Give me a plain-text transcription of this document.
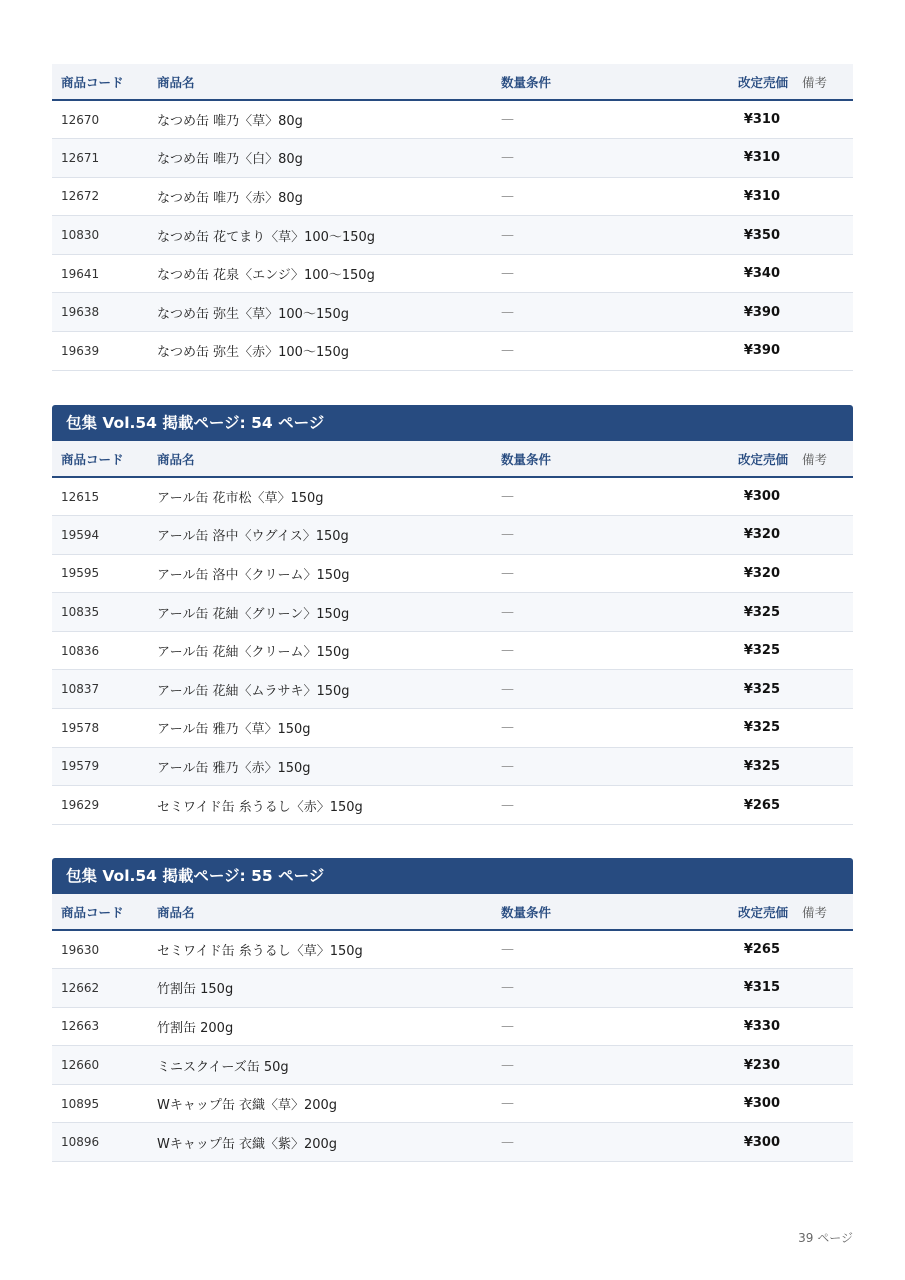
商品コード	商品名	数量条件	改定売価	備考
12670	なつめ缶 唯乃〈草〉80g	—	¥310	
12671	なつめ缶 唯乃〈白〉80g	—	¥310	
12672	なつめ缶 唯乃〈赤〉80g	—	¥310	
10830	なつめ缶 花てまり〈草〉100〜150g	—	¥350	
19641	なつめ缶 花泉〈エンジ〉100〜150g	—	¥340	
19638	なつめ缶 弥生〈草〉100〜150g	—	¥390	
19639	なつめ缶 弥生〈赤〉100〜150g	—	¥390	
包集 Vol.54 掲載ページ: 54 ページ
商品コード	商品名	数量条件	改定売価	備考
12615	アール缶 花市松〈草〉150g	—	¥300	
19594	アール缶 洛中〈ウグイス〉150g	—	¥320	
19595	アール缶 洛中〈クリーム〉150g	—	¥320	
10835	アール缶 花紬〈グリーン〉150g	—	¥325	
10836	アール缶 花紬〈クリーム〉150g	—	¥325	
10837	アール缶 花紬〈ムラサキ〉150g	—	¥325	
19578	アール缶 雅乃〈草〉150g	—	¥325	
19579	アール缶 雅乃〈赤〉150g	—	¥325	
19629	セミワイド缶 糸うるし〈赤〉150g	—	¥265	
包集 Vol.54 掲載ページ: 55 ページ
商品コード	商品名	数量条件	改定売価	備考
19630	セミワイド缶 糸うるし〈草〉150g	—	¥265	
12662	竹割缶 150g	—	¥315	
12663	竹割缶 200g	—	¥330	
12660	ミニスクイーズ缶 50g	—	¥230	
10895	Wキャップ缶 衣織〈草〉200g	—	¥300	
10896	Wキャップ缶 衣織〈紫〉200g	—	¥300	
39 ページ
